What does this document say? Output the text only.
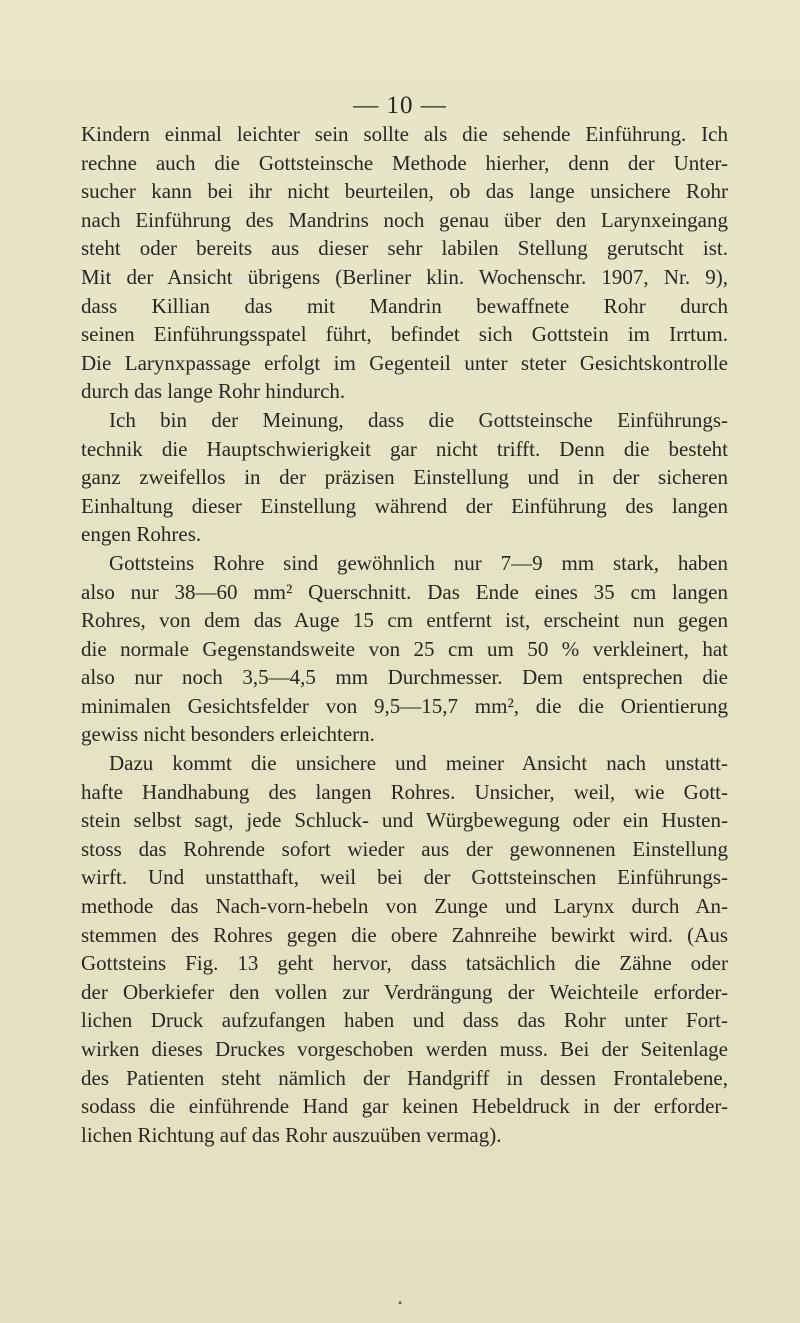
— 10 —
Kindern einmal leichter sein sollte als die sehende Einführung. Ich
rechne auch die Gottsteinsche Methode hierher, denn der Unter-
sucher kann bei ihr nicht beurteilen, ob das lange unsichere Rohr
nach Einführung des Mandrins noch genau über den Larynxeingang
steht oder bereits aus dieser sehr labilen Stellung gerutscht ist.
Mit der Ansicht übrigens (Berliner klin. Wochenschr. 1907, Nr. 9),
dass Killian das mit Mandrin bewaffnete Rohr durch
seinen Einführungsspatel führt, befindet sich Gottstein im Irrtum.
Die Larynxpassage erfolgt im Gegenteil unter steter Gesichtskontrolle
durch das lange Rohr hindurch.
Ich bin der Meinung, dass die Gottsteinsche Einführungs-
technik die Hauptschwierigkeit gar nicht trifft. Denn die besteht
ganz zweifellos in der präzisen Einstellung und in der sicheren
Einhaltung dieser Einstellung während der Einführung des langen
engen Rohres.
Gottsteins Rohre sind gewöhnlich nur 7—9 mm stark, haben
also nur 38—60 mm² Querschnitt. Das Ende eines 35 cm langen
Rohres, von dem das Auge 15 cm entfernt ist, erscheint nun gegen
die normale Gegenstandsweite von 25 cm um 50 % verkleinert, hat
also nur noch 3,5—4,5 mm Durchmesser. Dem entsprechen die
minimalen Gesichtsfelder von 9,5—15,7 mm², die die Orientierung
gewiss nicht besonders erleichtern.
Dazu kommt die unsichere und meiner Ansicht nach unstatt-
hafte Handhabung des langen Rohres. Unsicher, weil, wie Gott-
stein selbst sagt, jede Schluck- und Würgbewegung oder ein Husten-
stoss das Rohrende sofort wieder aus der gewonnenen Einstellung
wirft. Und unstatthaft, weil bei der Gottsteinschen Einführungs-
methode das Nach-vorn-hebeln von Zunge und Larynx durch An-
stemmen des Rohres gegen die obere Zahnreihe bewirkt wird. (Aus
Gottsteins Fig. 13 geht hervor, dass tatsächlich die Zähne oder
der Oberkiefer den vollen zur Verdrängung der Weichteile erforder-
lichen Druck aufzufangen haben und dass das Rohr unter Fort-
wirken dieses Druckes vorgeschoben werden muss. Bei der Seitenlage
des Patienten steht nämlich der Handgriff in dessen Frontalebene,
sodass die einführende Hand gar keinen Hebeldruck in der erforder-
lichen Richtung auf das Rohr auszuüben vermag).
•
